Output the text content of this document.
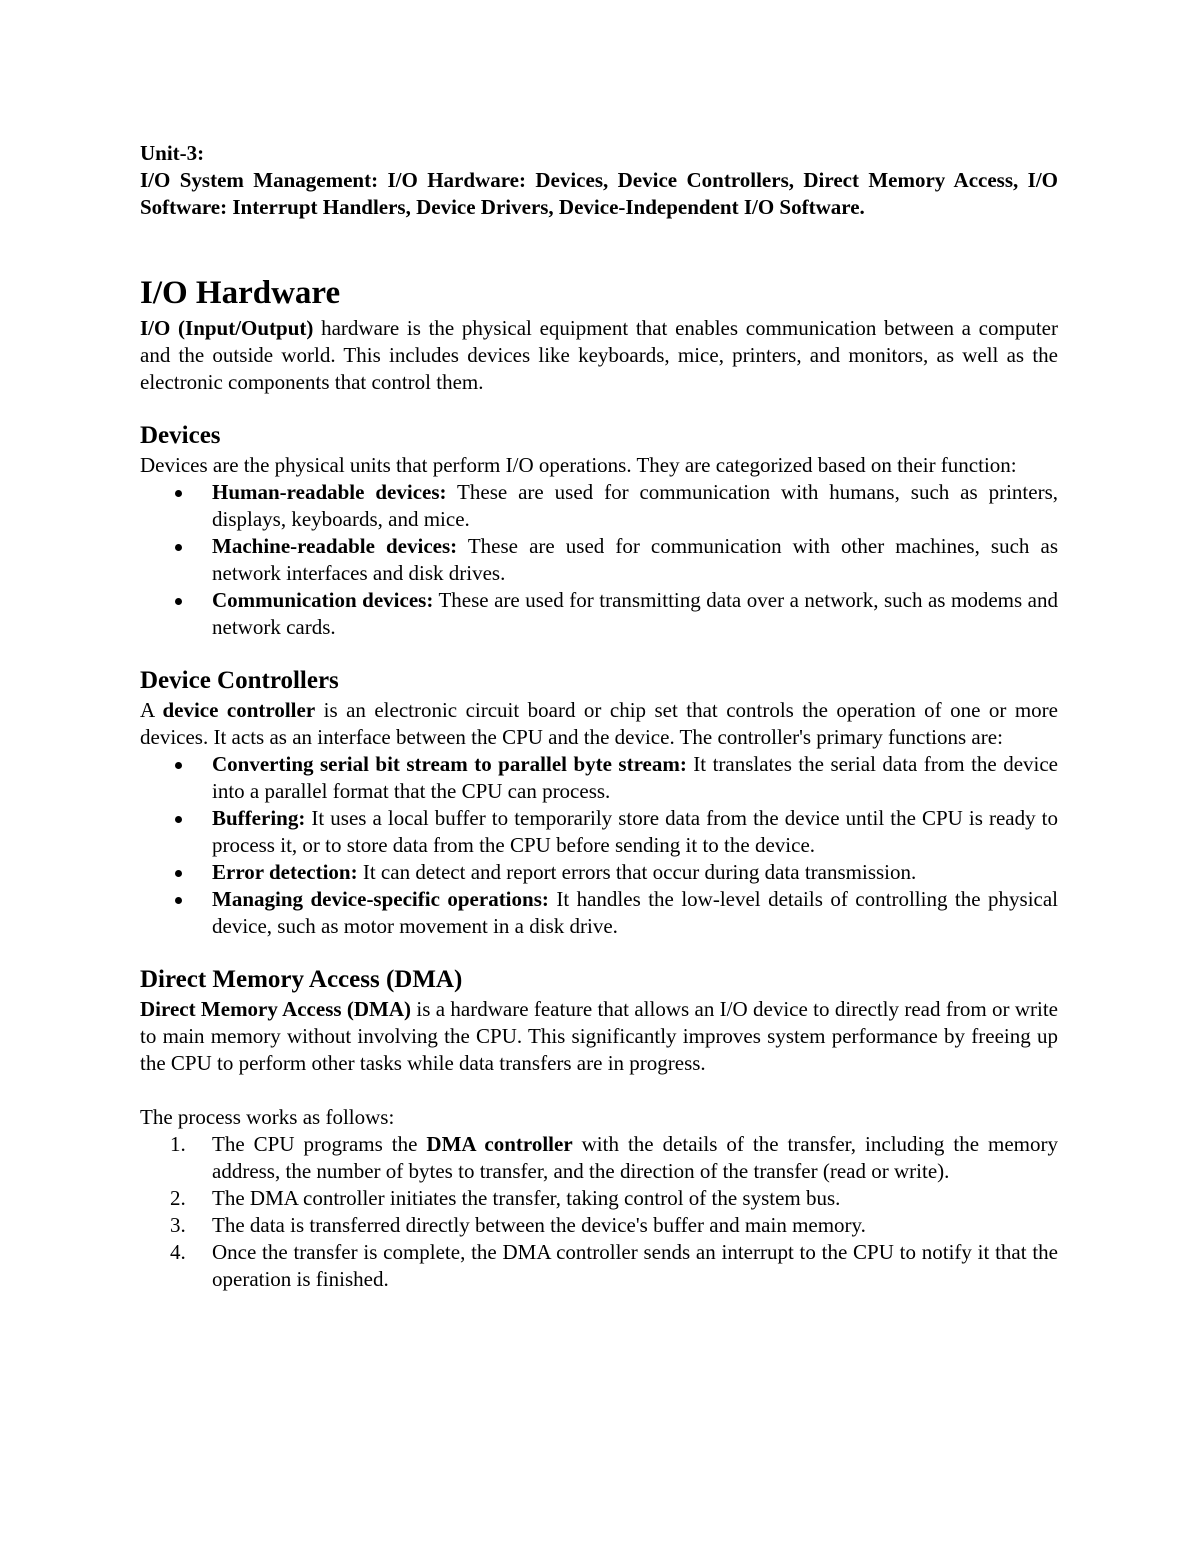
Unit-3:

I/O System Management: I/O Hardware: Devices, Device Controllers, Direct Memory Access, I/O Software: Interrupt Handlers, Device Drivers, Device-Independent I/O Software.

I/O Hardware

I/O (Input/Output) hardware is the physical equipment that enables communication between a computer and the outside world. This includes devices like keyboards, mice, printers, and monitors, as well as the electronic components that control them.

Devices

Devices are the physical units that perform I/O operations. They are categorized based on their function:

Human-readable devices: These are used for communication with humans, such as printers, displays, keyboards, and mice.
Machine-readable devices: These are used for communication with other machines, such as network interfaces and disk drives.
Communication devices: These are used for transmitting data over a network, such as modems and network cards.
Device Controllers

A device controller is an electronic circuit board or chip set that controls the operation of one or more devices. It acts as an interface between the CPU and the device. The controller's primary functions are:

Converting serial bit stream to parallel byte stream: It translates the serial data from the device into a parallel format that the CPU can process.
Buffering: It uses a local buffer to temporarily store data from the device until the CPU is ready to process it, or to store data from the CPU before sending it to the device.
Error detection: It can detect and report errors that occur during data transmission.
Managing device-specific operations: It handles the low-level details of controlling the physical device, such as motor movement in a disk drive.
Direct Memory Access (DMA)

Direct Memory Access (DMA) is a hardware feature that allows an I/O device to directly read from or write to main memory without involving the CPU. This significantly improves system performance by freeing up the CPU to perform other tasks while data transfers are in progress.

The process works as follows:

1.	The CPU programs the DMA controller with the details of the transfer, including the memory address, the number of bytes to transfer, and the direction of the transfer (read or write).
2.	The DMA controller initiates the transfer, taking control of the system bus.
3.	The data is transferred directly between the device's buffer and main memory.
4.	Once the transfer is complete, the DMA controller sends an interrupt to the CPU to notify it that the operation is finished.
